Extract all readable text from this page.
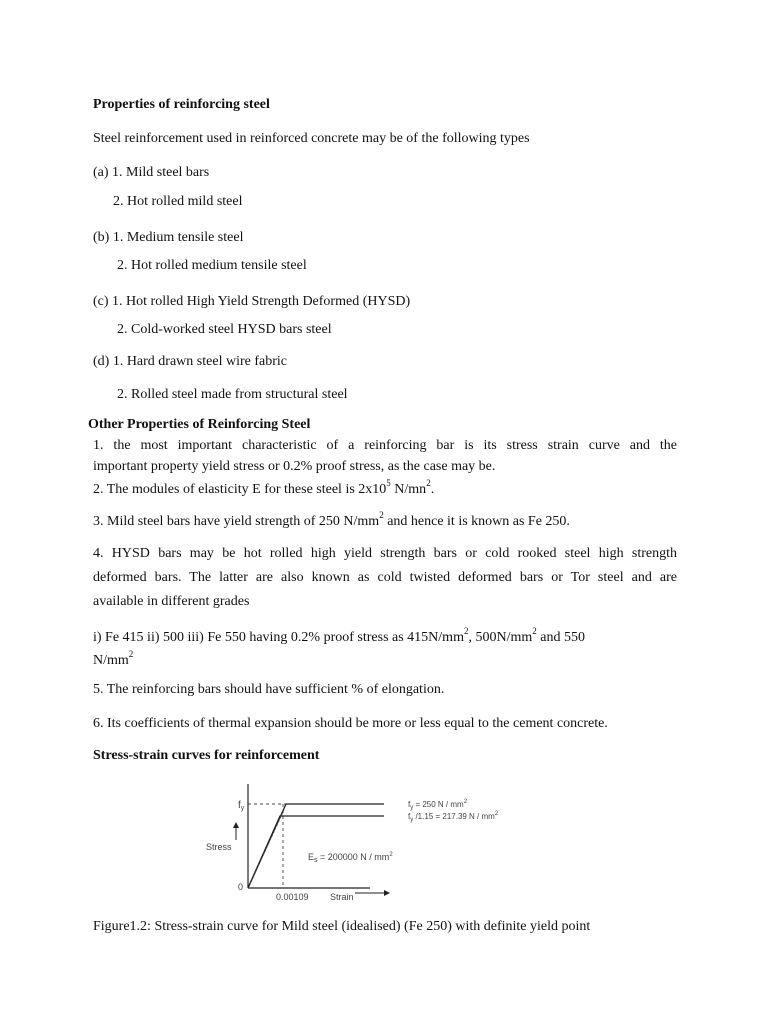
Properties of reinforcing steel
Steel reinforcement used in reinforced concrete may be of the following types
(a) 1. Mild steel bars
2. Hot rolled mild steel
(b) 1. Medium tensile steel
2. Hot rolled medium tensile steel
(c) 1. Hot rolled High Yield Strength Deformed (HYSD)
2. Cold-worked steel HYSD bars steel
(d) 1. Hard drawn steel wire fabric
2. Rolled steel made from structural steel
Other Properties of Reinforcing Steel
1. the most important characteristic of a reinforcing bar is its stress strain curve and the
important property yield stress or 0.2% proof stress, as the case may be.
2. The modules of elasticity E for these steel is $2x10^5$ $N/mn^2$.
3. Mild steel bars have yield strength of 250 $N/mm^2$ and hence it is known as Fe 250.
4. HYSD bars may be hot rolled high yield strength bars or cold rooked steel high strength
deformed bars. The latter are also known as cold twisted deformed bars or Tor steel and are
available in different grades
i) Fe 415 ii) 500 iii) Fe 550 having 0.2% proof stress as $415N/mm^2$, $500N/mm^2$ and 550
$N/mm^2$
5. The reinforcing bars should have sufficient % of elongation.
6. Its coefficients of thermal expansion should be more or less equal to the cement concrete.
Stress-strain curves for reinforcement
$f_y$
Stress
0
0.00109 Strain
$E_s = 200000$ N / $mm^2$
$f_y = 250$ N / $mm^2$
$f_y$ /1.15 = 217.39 N / $mm^2$
Figure1.2: Stress-strain curve for Mild steel (idealised) (Fe 250) with definite yield point
